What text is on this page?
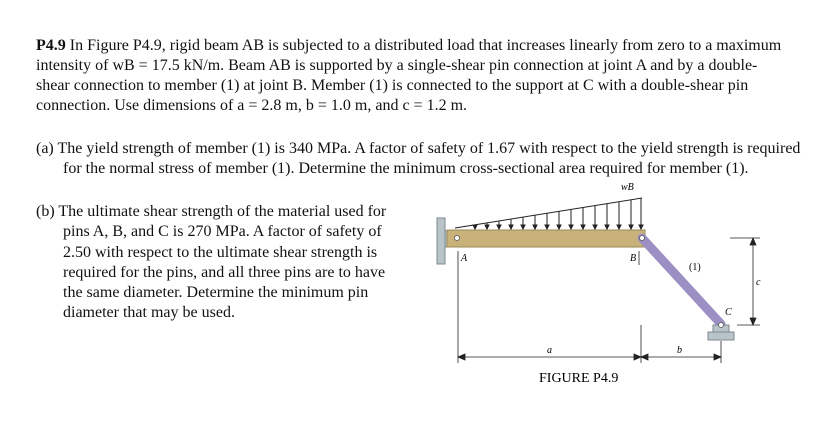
P4.9 In Figure P4.9, rigid beam AB is subjected to a distributed load that increases linearly from zero to a maximum intensity of wB = 17.5 kN/m. Beam AB is supported by a single-shear pin connection at joint A and by a double-shear connection to member (1) at joint B. Member (1) is connected to the support at C with a double-shear pin connection. Use dimensions of a = 2.8 m, b = 1.0 m, and c = 1.2 m.

(a) The yield strength of member (1) is 340 MPa. A factor of safety of 1.67 with respect to the yield strength is required for the normal stress of member (1). Determine the minimum cross-sectional area required for member (1).
(b) The ultimate shear strength of the material used for pins A, B, and C is 270 MPa. A factor of safety of 2.50 with respect to the ultimate shear strength is required for the pins, and all three pins are to have the same diameter. Determine the minimum pin diameter that may be used.
wB
A	B
C
(1)
c
a	b
FIGURE P4.9
